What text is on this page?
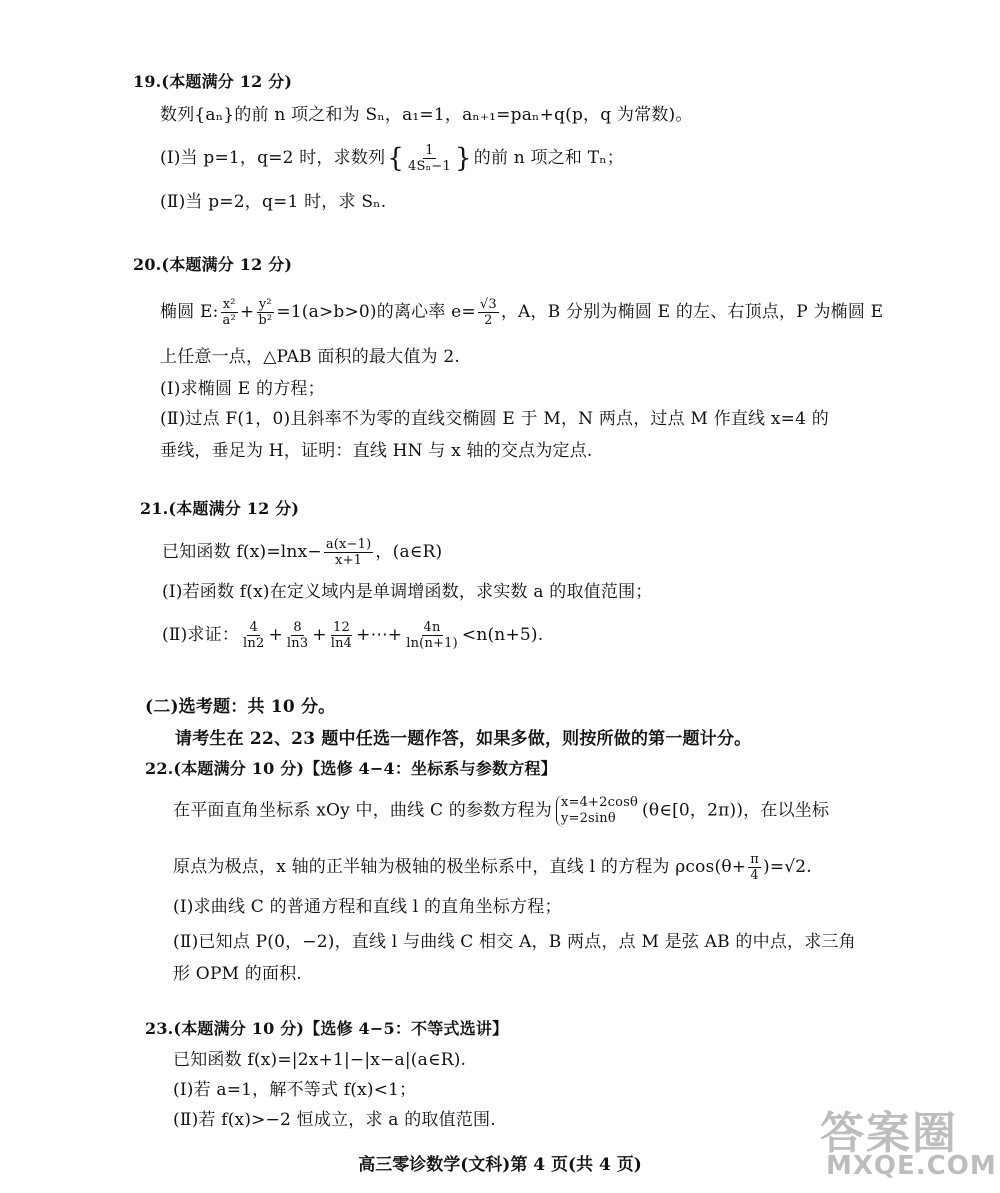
19.(本题满分 12 分)
数列{aₙ}的前 n 项之和为 Sₙ，a₁=1，aₙ₊₁=paₙ+q(p，q 为常数)。
(Ⅰ)当 p=1，q=2 时，求数列{ $\frac{1}{\text{4Sₙ−1}}$ } 的前 n 项之和 Tₙ；
(Ⅱ)当 p=2，q=1 时，求 Sₙ.
20.(本题满分 12 分)
椭圆 E: $\frac{\text{x²}}{\text{a²}} + \frac{\text{y²}}{\text{b²}} =1(a>b>0)$的离心率 $e= \frac{√3}{2}$ ，A，B 分别为椭圆 E 的左、右顶点，P 为椭圆 E
上任意一点，△PAB 面积的最大值为 2.
(Ⅰ)求椭圆 E 的方程；
(Ⅱ)过点 F(1，0)且斜率不为零的直线交椭圆 E 于 M，N 两点，过点 M 作直线 x=4 的
垂线，垂足为 H，证明：直线 HN 与 x 轴的交点为定点.
21.(本题满分 12 分)
已知函数 $f(x)=\ln x- \frac{a(x-1)}{x+1}$ ，(a∈R)
(Ⅰ)若函数 f(x)在定义域内是单调增函数，求实数 a 的取值范围；
(Ⅱ)求证： $\frac{4}{\ln 2} + \frac{8}{\ln 3} + \frac{12}{\ln 4}$ +⋯+ $\frac{4n}{\ln(n+1)} <n(n+5)$.
(二)选考题：共 10 分。
请考生在 22、23 题中任选一题作答，如果多做，则按所做的第一题计分。
22.(本题满分 10 分)【选修 4−4：坐标系与参数方程】
在平面直角坐标系 xOy 中，曲线 C 的参数方程为 x=4+2cosθ
y=2sinθ	(θ∈[0，2π))，在以坐标
原点为极点，x 轴的正半轴为极轴的极坐标系中，直线 l 的方程为 $\rho\cos(\theta+ \frac{\pi}{4} )=√2$.
(Ⅰ)求曲线 C 的普通方程和直线 l 的直角坐标方程；
(Ⅱ)已知点 P(0，−2)，直线 l 与曲线 C 相交 A，B 两点，点 M 是弦 AB 的中点，求三角
形 OPM 的面积.
23.(本题满分 10 分)【选修 4−5：不等式选讲】
已知函数 f(x)=|2x+1|−|x−a|(a∈R).
(Ⅰ)若 a=1，解不等式 f(x)<1；
(Ⅱ)若 f(x)>−2 恒成立，求 a 的取值范围.
高三零诊数学(文科)第 4 页(共 4 页)
答案圈
MXQE.COM
